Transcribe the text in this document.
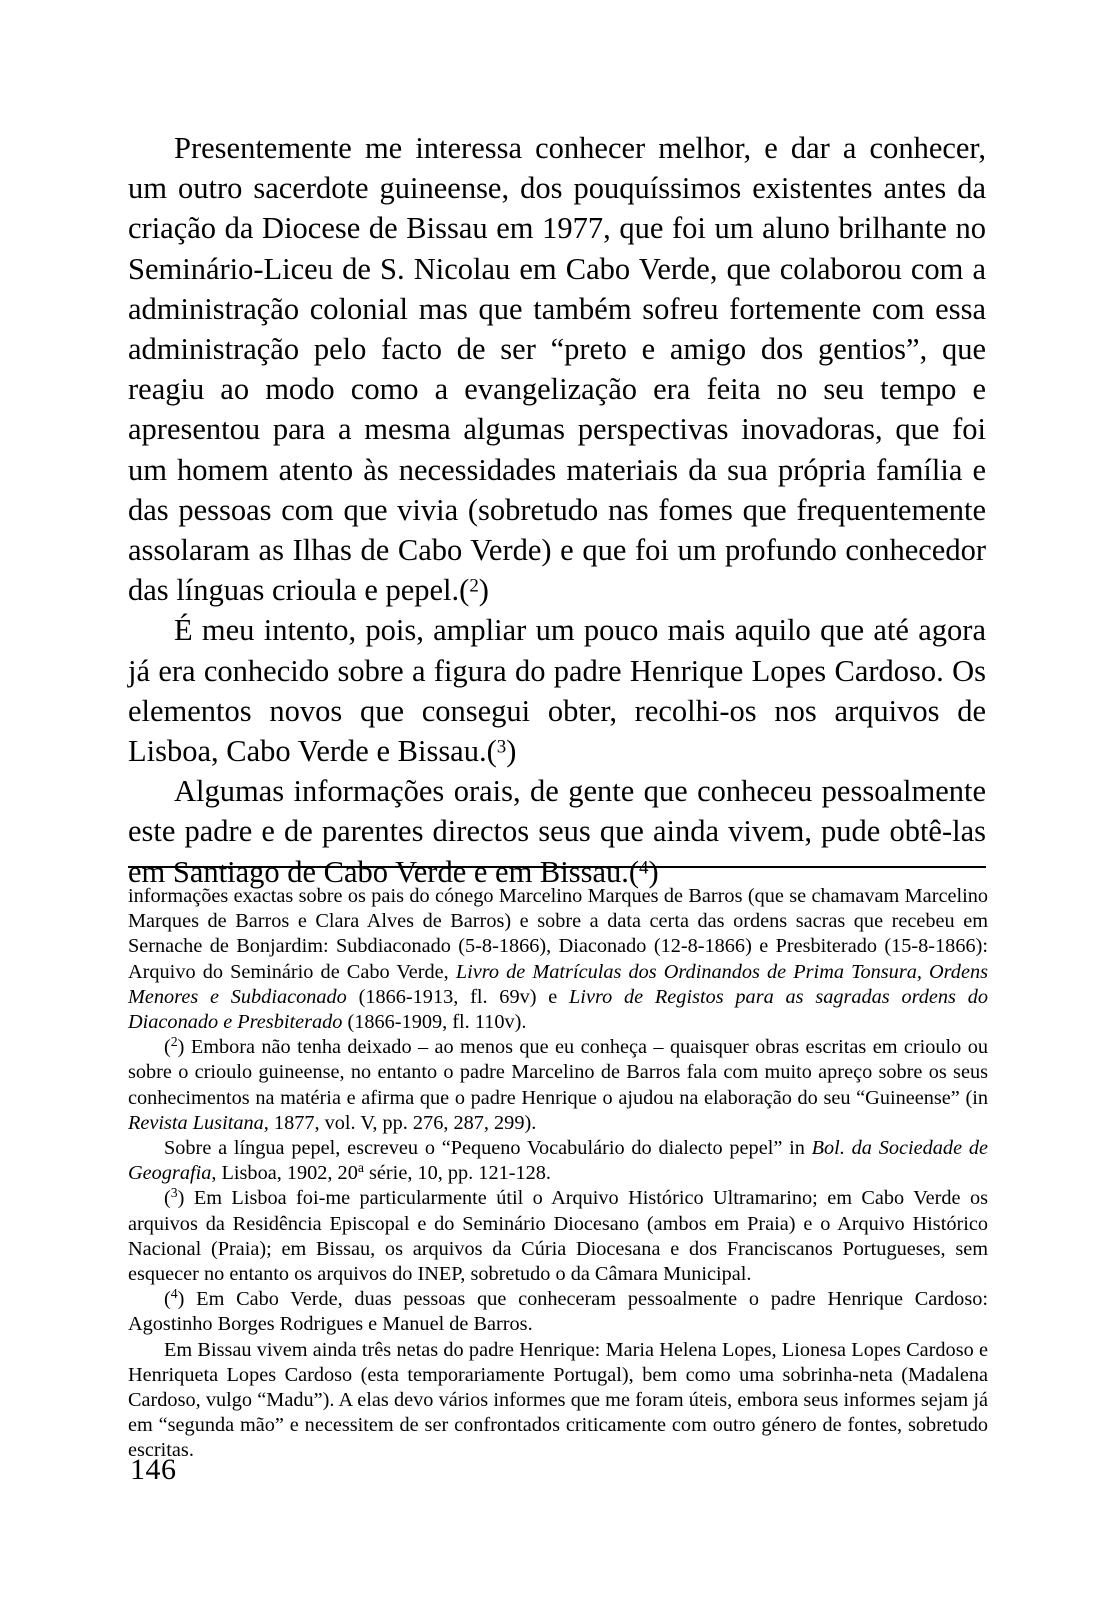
Presentemente me interessa conhecer melhor, e dar a conhecer, um outro sacerdote guineense, dos pouquíssimos existentes antes da criação da Diocese de Bissau em 1977, que foi um aluno brilhante no Seminário-Liceu de S. Nicolau em Cabo Verde, que colaborou com a administração colonial mas que também sofreu fortemente com essa administração pelo facto de ser “preto e amigo dos gentios”, que reagiu ao modo como a evangelização era feita no seu tempo e apresentou para a mesma algumas perspectivas inovadoras, que foi um homem atento às necessidades materiais da sua própria família e das pessoas com que vivia (sobretudo nas fomes que frequentemente assolaram as Ilhas de Cabo Verde) e que foi um profundo conhecedor das línguas crioula e pepel.($^2$)

É meu intento, pois, ampliar um pouco mais aquilo que até agora já era conhecido sobre a figura do padre Henrique Lopes Cardoso. Os elementos novos que consegui obter, recolhi-os nos arquivos de Lisboa, Cabo Verde e Bissau.($^3$)

Algumas informações orais, de gente que conheceu pessoalmente este padre e de parentes directos seus que ainda vivem, pude obtê-las em Santiago de Cabo Verde e em Bissau.($^4$)

informações exactas sobre os pais do cónego Marcelino Marques de Barros (que se chamavam Marcelino Marques de Barros e Clara Alves de Barros) e sobre a data certa das ordens sacras que recebeu em Sernache de Bonjardim: Subdiaconado (5-8-1866), Diaconado (12-8-1866) e Presbiterado (15-8-1866): Arquivo do Seminário de Cabo Verde, Livro de Matrículas dos Ordinandos de Prima Tonsura, Ordens Menores e Subdiaconado (1866-1913, fl. 69v) e Livro de Registos para as sagradas ordens do Diaconado e Presbiterado (1866-1909, fl. 110v).

($^2$) Embora não tenha deixado – ao menos que eu conheça – quaisquer obras escritas em crioulo ou sobre o crioulo guineense, no entanto o padre Marcelino de Barros fala com muito apreço sobre os seus conhecimentos na matéria e afirma que o padre Henrique o ajudou na elaboração do seu “Guineense” (in Revista Lusitana, 1877, vol. V, pp. 276, 287, 299).

Sobre a língua pepel, escreveu o “Pequeno Vocabulário do dialecto pepel” in Bol. da Sociedade de Geografia, Lisboa, 1902, 20$^a$ série, 10, pp. 121-128.

($^3$) Em Lisboa foi-me particularmente útil o Arquivo Histórico Ultramarino; em Cabo Verde os arquivos da Residência Episcopal e do Seminário Diocesano (ambos em Praia) e o Arquivo Histórico Nacional (Praia); em Bissau, os arquivos da Cúria Diocesana e dos Franciscanos Portugueses, sem esquecer no entanto os arquivos do INEP, sobretudo o da Câmara Municipal.

($^4$) Em Cabo Verde, duas pessoas que conheceram pessoalmente o padre Henrique Cardoso: Agostinho Borges Rodrigues e Manuel de Barros.

Em Bissau vivem ainda três netas do padre Henrique: Maria Helena Lopes, Lionesa Lopes Cardoso e Henriqueta Lopes Cardoso (esta temporariamente Portugal), bem como uma sobrinha-neta (Madalena Cardoso, vulgo “Madu”). A elas devo vários informes que me foram úteis, embora seus informes sejam já em “segunda mão” e necessitem de ser confrontados criticamente com outro género de fontes, sobretudo escritas.

146
